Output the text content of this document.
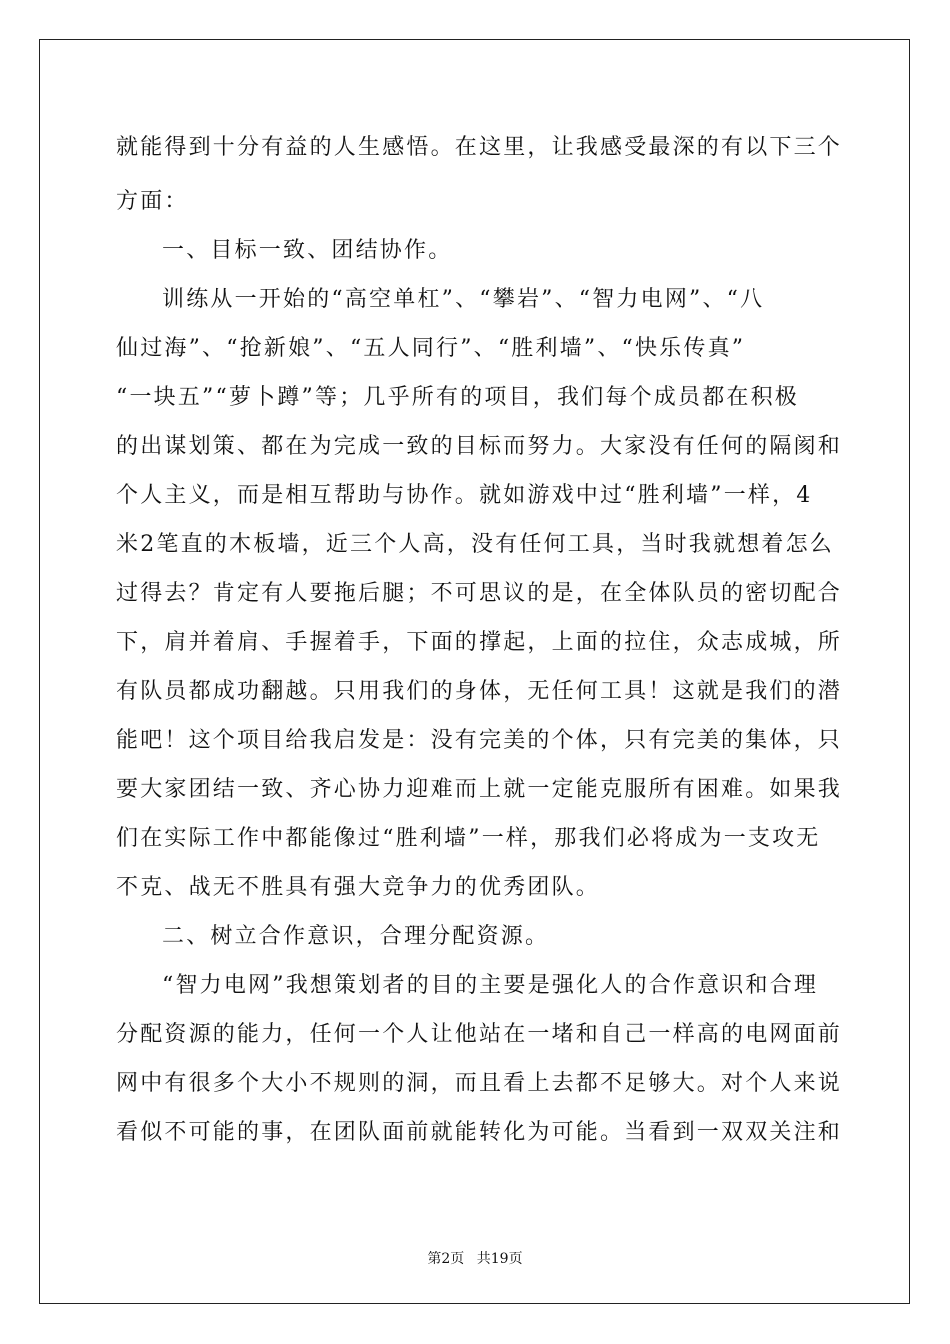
就能得到十分有益的人生感悟。在这里，让我感受最深的有以下三个

方面：

一、目标一致、团结协作。

训练从一开始的“高空单杠”、“攀岩”、“智力电网”、“八

仙过海”、“抢新娘”、“五人同行”、“胜利墙”、“快乐传真”

“一块五”“萝卜蹲”等；几乎所有的项目，我们每个成员都在积极

的出谋划策、都在为完成一致的目标而努力。大家没有任何的隔阂和

个人主义，而是相互帮助与协作。就如游戏中过“胜利墙”一样，4

米2笔直的木板墙，近三个人高，没有任何工具，当时我就想着怎么

过得去？肯定有人要拖后腿；不可思议的是，在全体队员的密切配合

下，肩并着肩、手握着手，下面的撑起，上面的拉住，众志成城，所

有队员都成功翻越。只用我们的身体，无任何工具！这就是我们的潜

能吧！这个项目给我启发是：没有完美的个体，只有完美的集体，只

要大家团结一致、齐心协力迎难而上就一定能克服所有困难。如果我

们在实际工作中都能像过“胜利墙”一样，那我们必将成为一支攻无

不克、战无不胜具有强大竞争力的优秀团队。

二、树立合作意识，合理分配资源。

“智力电网”我想策划者的目的主要是强化人的合作意识和合理

分配资源的能力，任何一个人让他站在一堵和自己一样高的电网面前

网中有很多个大小不规则的洞，而且看上去都不足够大。对个人来说

看似不可能的事，在团队面前就能转化为可能。当看到一双双关注和

第2页 共19页
